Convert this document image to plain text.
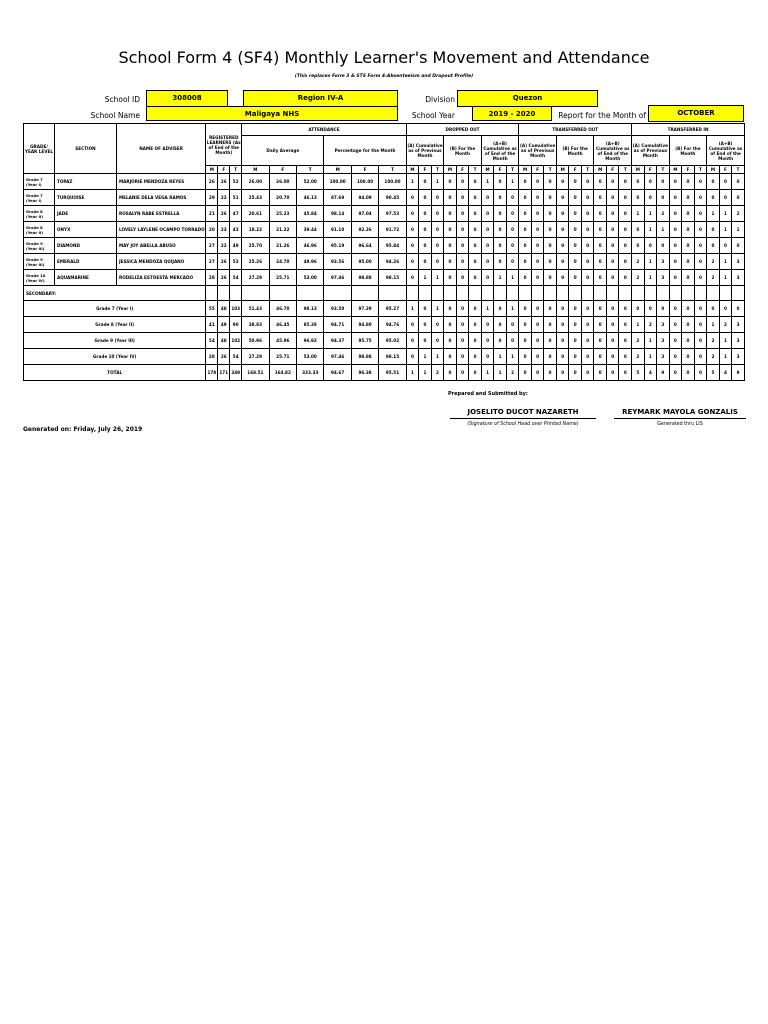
School Form 4 (SF4) Monthly Learner's Movement and Attendance
(This replaces Form 3 & STS Form 4-Absenteeism and Dropout Profile)
School ID	308008	Region IV-A	Division	Quezon
School Name	Maligaya NHS	School Year	2019 - 2020	Report for the Month of	OCTOBER
GRADE/ YEAR LEVEL	SECTION	NAME OF ADVISER	REGISTERED LEARNERS (As of End of the Month)			ATTENDANCE						DROPPED OUT									TRANSFERRED OUT									TRANSFERRED IN								
						Daily Average			Percentage for the Month			(A) Cumulative as of Previous Month			(B) For the Month			(A+B) Cumulative as of End of the Month			(A) Cumulative as of Previous Month			(B) For the Month			(A+B) Cumulative as of End of the Month			(A) Cumulative as of Previous Month			(B) For the Month			(A+B) Cumulative as of End of the Month		
			M	F	T	M	F	T	M	F	T	M	F	T	M	F	T	M	F	T	M	F	T	M	F	T	M	F	T	M	F	T	M	F	T	M	F	T
Grade 7 (Year I)	TOPAZ	MARJORIE MENDOZA REYES	26	26	52	26.00	26.00	52.00	100.00	100.00	100.00	1	0	1	0	0	0	1	0	1	0	0	0	0	0	0	0	0	0	0	0	0	0	0	0	0	0	0
Grade 7 (Year I)	TURQUOISE	MELANIE DELA VEGA RAMOS	29	22	51	25.43	20.70	46.13	87.69	94.09	90.45	0	0	0	0	0	0	0	0	0	0	0	0	0	0	0	0	0	0	0	0	0	0	0	0	0	0	0
Grade 8 (Year II)	JADE	ROSALYN RABE ESTRELLA	21	26	47	20.61	25.23	45.84	98.14	97.04	97.53	0	0	0	0	0	0	0	0	0	0	0	0	0	0	0	0	0	0	1	1	2	0	0	0	1	1	2
Grade 8 (Year II)	ONYX	LOVELY LAYLENE OCAMPO TORRADO	20	23	43	18.22	21.22	39.44	91.10	92.26	91.72	0	0	0	0	0	0	0	0	0	0	0	0	0	0	0	0	0	0	0	1	1	0	0	0	0	1	1
Grade 9 (Year III)	DIAMOND	MAY JOY ABELLA ABUSO	27	22	49	25.70	21.26	46.96	95.19	96.64	95.84	0	0	0	0	0	0	0	0	0	0	0	0	0	0	0	0	0	0	0	0	0	0	0	0	0	0	0
Grade 9 (Year III)	EMERALD	JESSICA MENDOZA QUIJANO	27	26	53	25.26	24.70	49.96	93.56	95.00	94.26	0	0	0	0	0	0	0	0	0	0	0	0	0	0	0	0	0	0	2	1	3	0	0	0	2	1	3
Grade 10 (Year IV)	AQUAMARINE	RODELIZA ESTOESTA MERCADO	28	26	54	27.29	25.71	53.00	97.46	98.88	98.15	0	1	1	0	0	0	0	1	1	0	0	0	0	0	0	0	0	0	2	1	3	0	0	0	2	1	3
SECONDARY:																																						
Grade 7 (Year I)			55	48	103	51.43	46.70	98.13	93.50	97.29	95.27	1	0	1	0	0	0	1	0	1	0	0	0	0	0	0	0	0	0	0	0	0	0	0	0	0	0	0
Grade 8 (Year II)			41	49	90	38.83	46.45	85.28	94.71	94.80	94.76	0	0	0	0	0	0	0	0	0	0	0	0	0	0	0	0	0	0	1	2	3	0	0	0	1	2	3
Grade 9 (Year III)			54	48	102	50.96	45.96	96.92	94.37	95.75	95.02	0	0	0	0	0	0	0	0	0	0	0	0	0	0	0	0	0	0	2	1	3	0	0	0	2	1	3
Grade 10 (Year IV)			28	26	54	27.29	25.71	53.00	97.46	98.88	98.15	0	1	1	0	0	0	0	1	1	0	0	0	0	0	0	0	0	0	2	1	3	0	0	0	2	1	3
TOTAL			178	171	349	168.51	164.82	333.33	94.67	96.38	95.51	1	1	2	0	0	0	1	1	2	0	0	0	0	0	0	0	0	0	5	4	9	0	0	0	5	4	9
Prepared and Submitted by:
JOSELITO DUCOT NAZARETH
(Signature of School Head over Printed Name)
REYMARK MAYOLA GONZALIS
Generated thru LIS
Generated on: Friday, July 26, 2019
